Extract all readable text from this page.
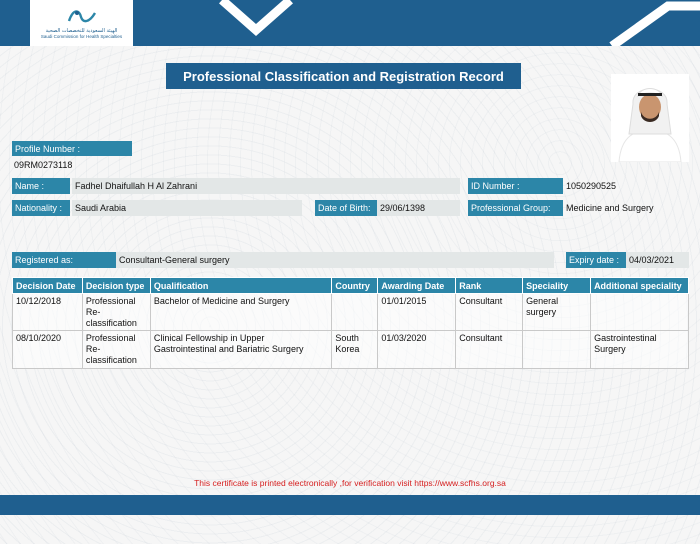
الهيئة السعودية للتخصصات الصحية
Saudi Commission for Health Specialties
Professional Classification and Registration Record
Profile Number :
09RM0273118
Name :	Fadhel Dhaifullah H Al Zahrani	ID Number :	1050290525
Nationality :	Saudi Arabia	Date of Birth:	29/06/1398	Professional Group:	Medicine and Surgery
Registered as:	Consultant-General surgery	Expiry date :	04/03/2021
Decision Date	Decision type	Qualification	Country	Awarding Date	Rank	Speciality	Additional speciality
10/12/2018	Professional Re-classification	Bachelor of Medicine and Surgery		01/01/2015	Consultant	General surgery	
08/10/2020	Professional Re-classification	Clinical Fellowship in Upper Gastrointestinal and Bariatric Surgery	South Korea	01/03/2020	Consultant		Gastrointestinal Surgery
This certificate is printed electronically ,for verification visit https://www.scfhs.org.sa
